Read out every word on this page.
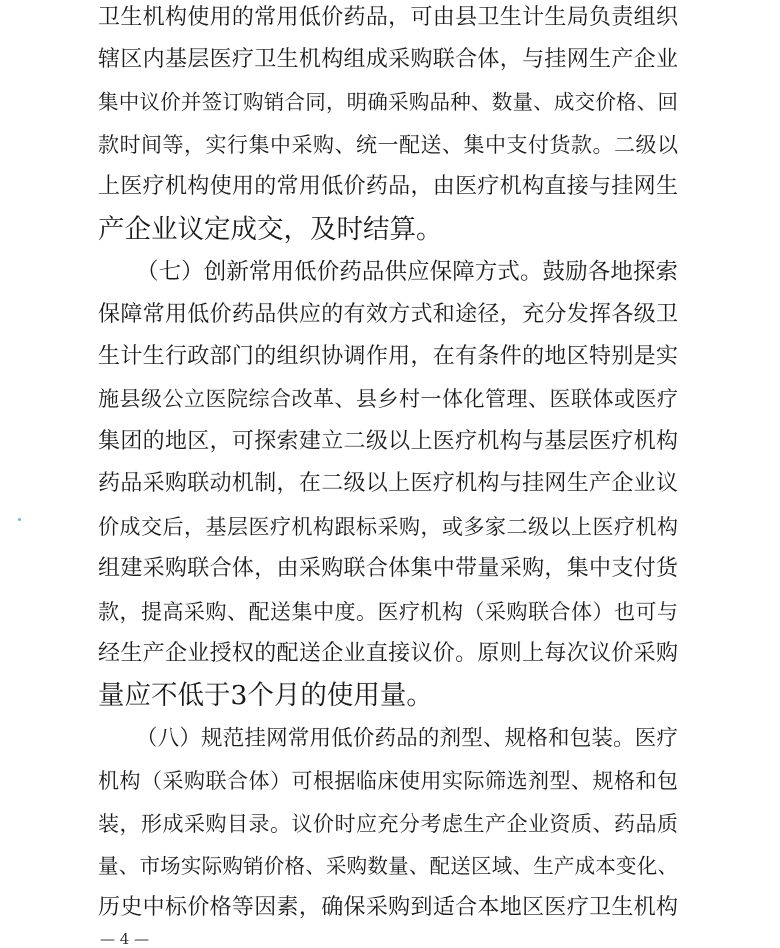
卫生机构使用的常用低价药品，可由县卫生计生局负责组织
辖区内基层医疗卫生机构组成采购联合体，与挂网生产企业
集中议价并签订购销合同，明确采购品种、数量、成交价格、回
款时间等，实行集中采购、统一配送、集中支付货款。二级以
上医疗机构使用的常用低价药品，由医疗机构直接与挂网生
产企业议定成交，及时结算。
（七）创新常用低价药品供应保障方式。鼓励各地探索
保障常用低价药品供应的有效方式和途径，充分发挥各级卫
生计生行政部门的组织协调作用，在有条件的地区特别是实
施县级公立医院综合改革、县乡村一体化管理、医联体或医疗
集团的地区，可探索建立二级以上医疗机构与基层医疗机构
药品采购联动机制，在二级以上医疗机构与挂网生产企业议
价成交后，基层医疗机构跟标采购，或多家二级以上医疗机构
组建采购联合体，由采购联合体集中带量采购，集中支付货
款，提高采购、配送集中度。医疗机构（采购联合体）也可与
经生产企业授权的配送企业直接议价。原则上每次议价采购
量应不低于3个月的使用量。
（八）规范挂网常用低价药品的剂型、规格和包装。医疗
机构（采购联合体）可根据临床使用实际筛选剂型、规格和包
装，形成采购目录。议价时应充分考虑生产企业资质、药品质
量、市场实际购销价格、采购数量、配送区域、生产成本变化、
历史中标价格等因素，确保采购到适合本地区医疗卫生机构
— 4 —
